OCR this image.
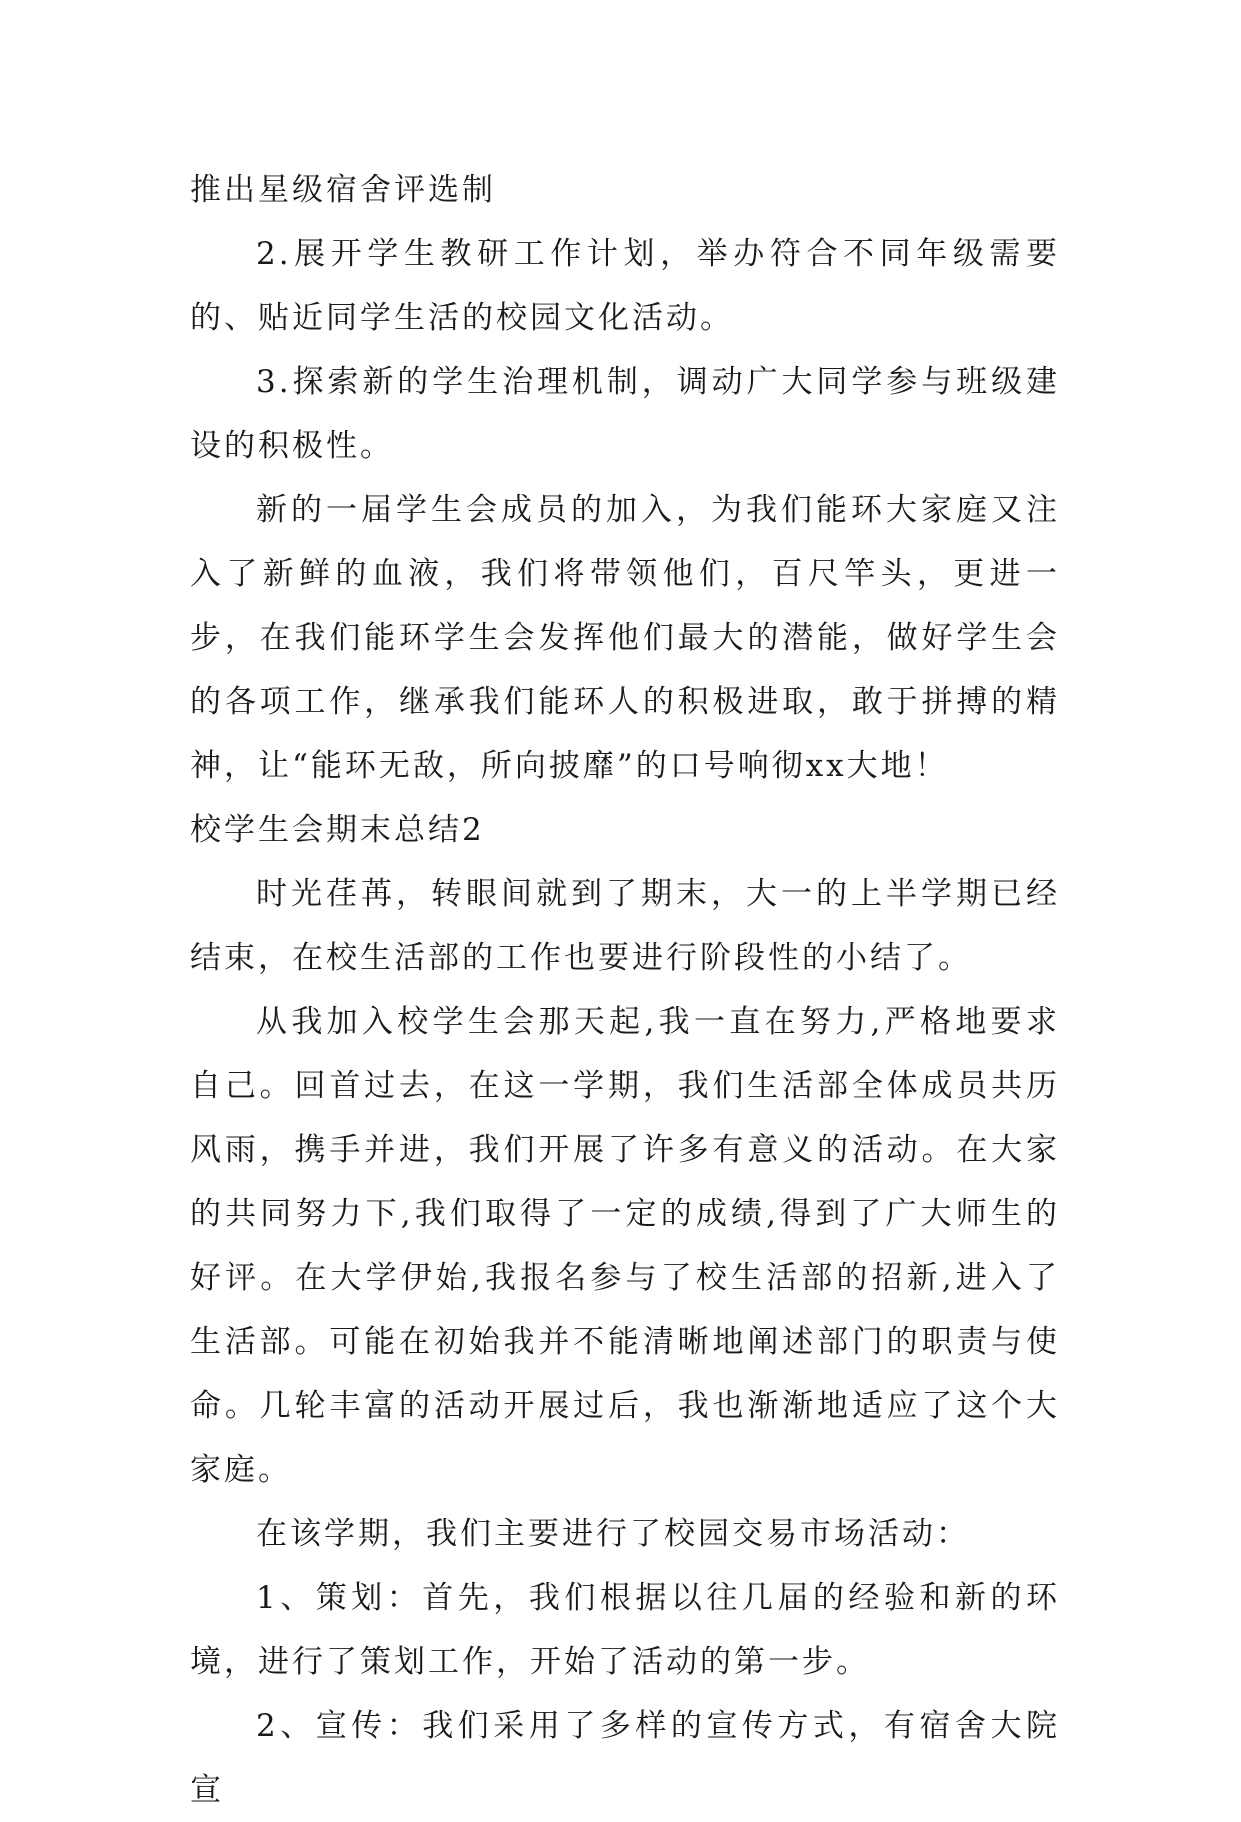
推出星级宿舍评选制

2.展开学生教研工作计划，举办符合不同年级需要的、贴近同学生活的校园文化活动。

3.探索新的学生治理机制，调动广大同学参与班级建设的积极性。

新的一届学生会成员的加入，为我们能环大家庭又注入了新鲜的血液，我们将带领他们，百尺竿头，更进一步，在我们能环学生会发挥他们最大的潜能，做好学生会的各项工作，继承我们能环人的积极进取，敢于拼搏的精神，让“能环无敌，所向披靡”的口号响彻xx大地！

校学生会期末总结2

时光荏苒，转眼间就到了期末，大一的上半学期已经结束，在校生活部的工作也要进行阶段性的小结了。

从我加入校学生会那天起,我一直在努力,严格地要求自己。回首过去，在这一学期，我们生活部全体成员共历风雨，携手并进，我们开展了许多有意义的活动。在大家的共同努力下,我们取得了一定的成绩,得到了广大师生的好评。在大学伊始,我报名参与了校生活部的招新,进入了生活部。可能在初始我并不能清晰地阐述部门的职责与使命。几轮丰富的活动开展过后，我也渐渐地适应了这个大家庭。

在该学期，我们主要进行了校园交易市场活动：

1、策划：首先，我们根据以往几届的经验和新的环境，进行了策划工作，开始了活动的第一步。

2、宣传：我们采用了多样的宣传方式，有宿舍大院宣
